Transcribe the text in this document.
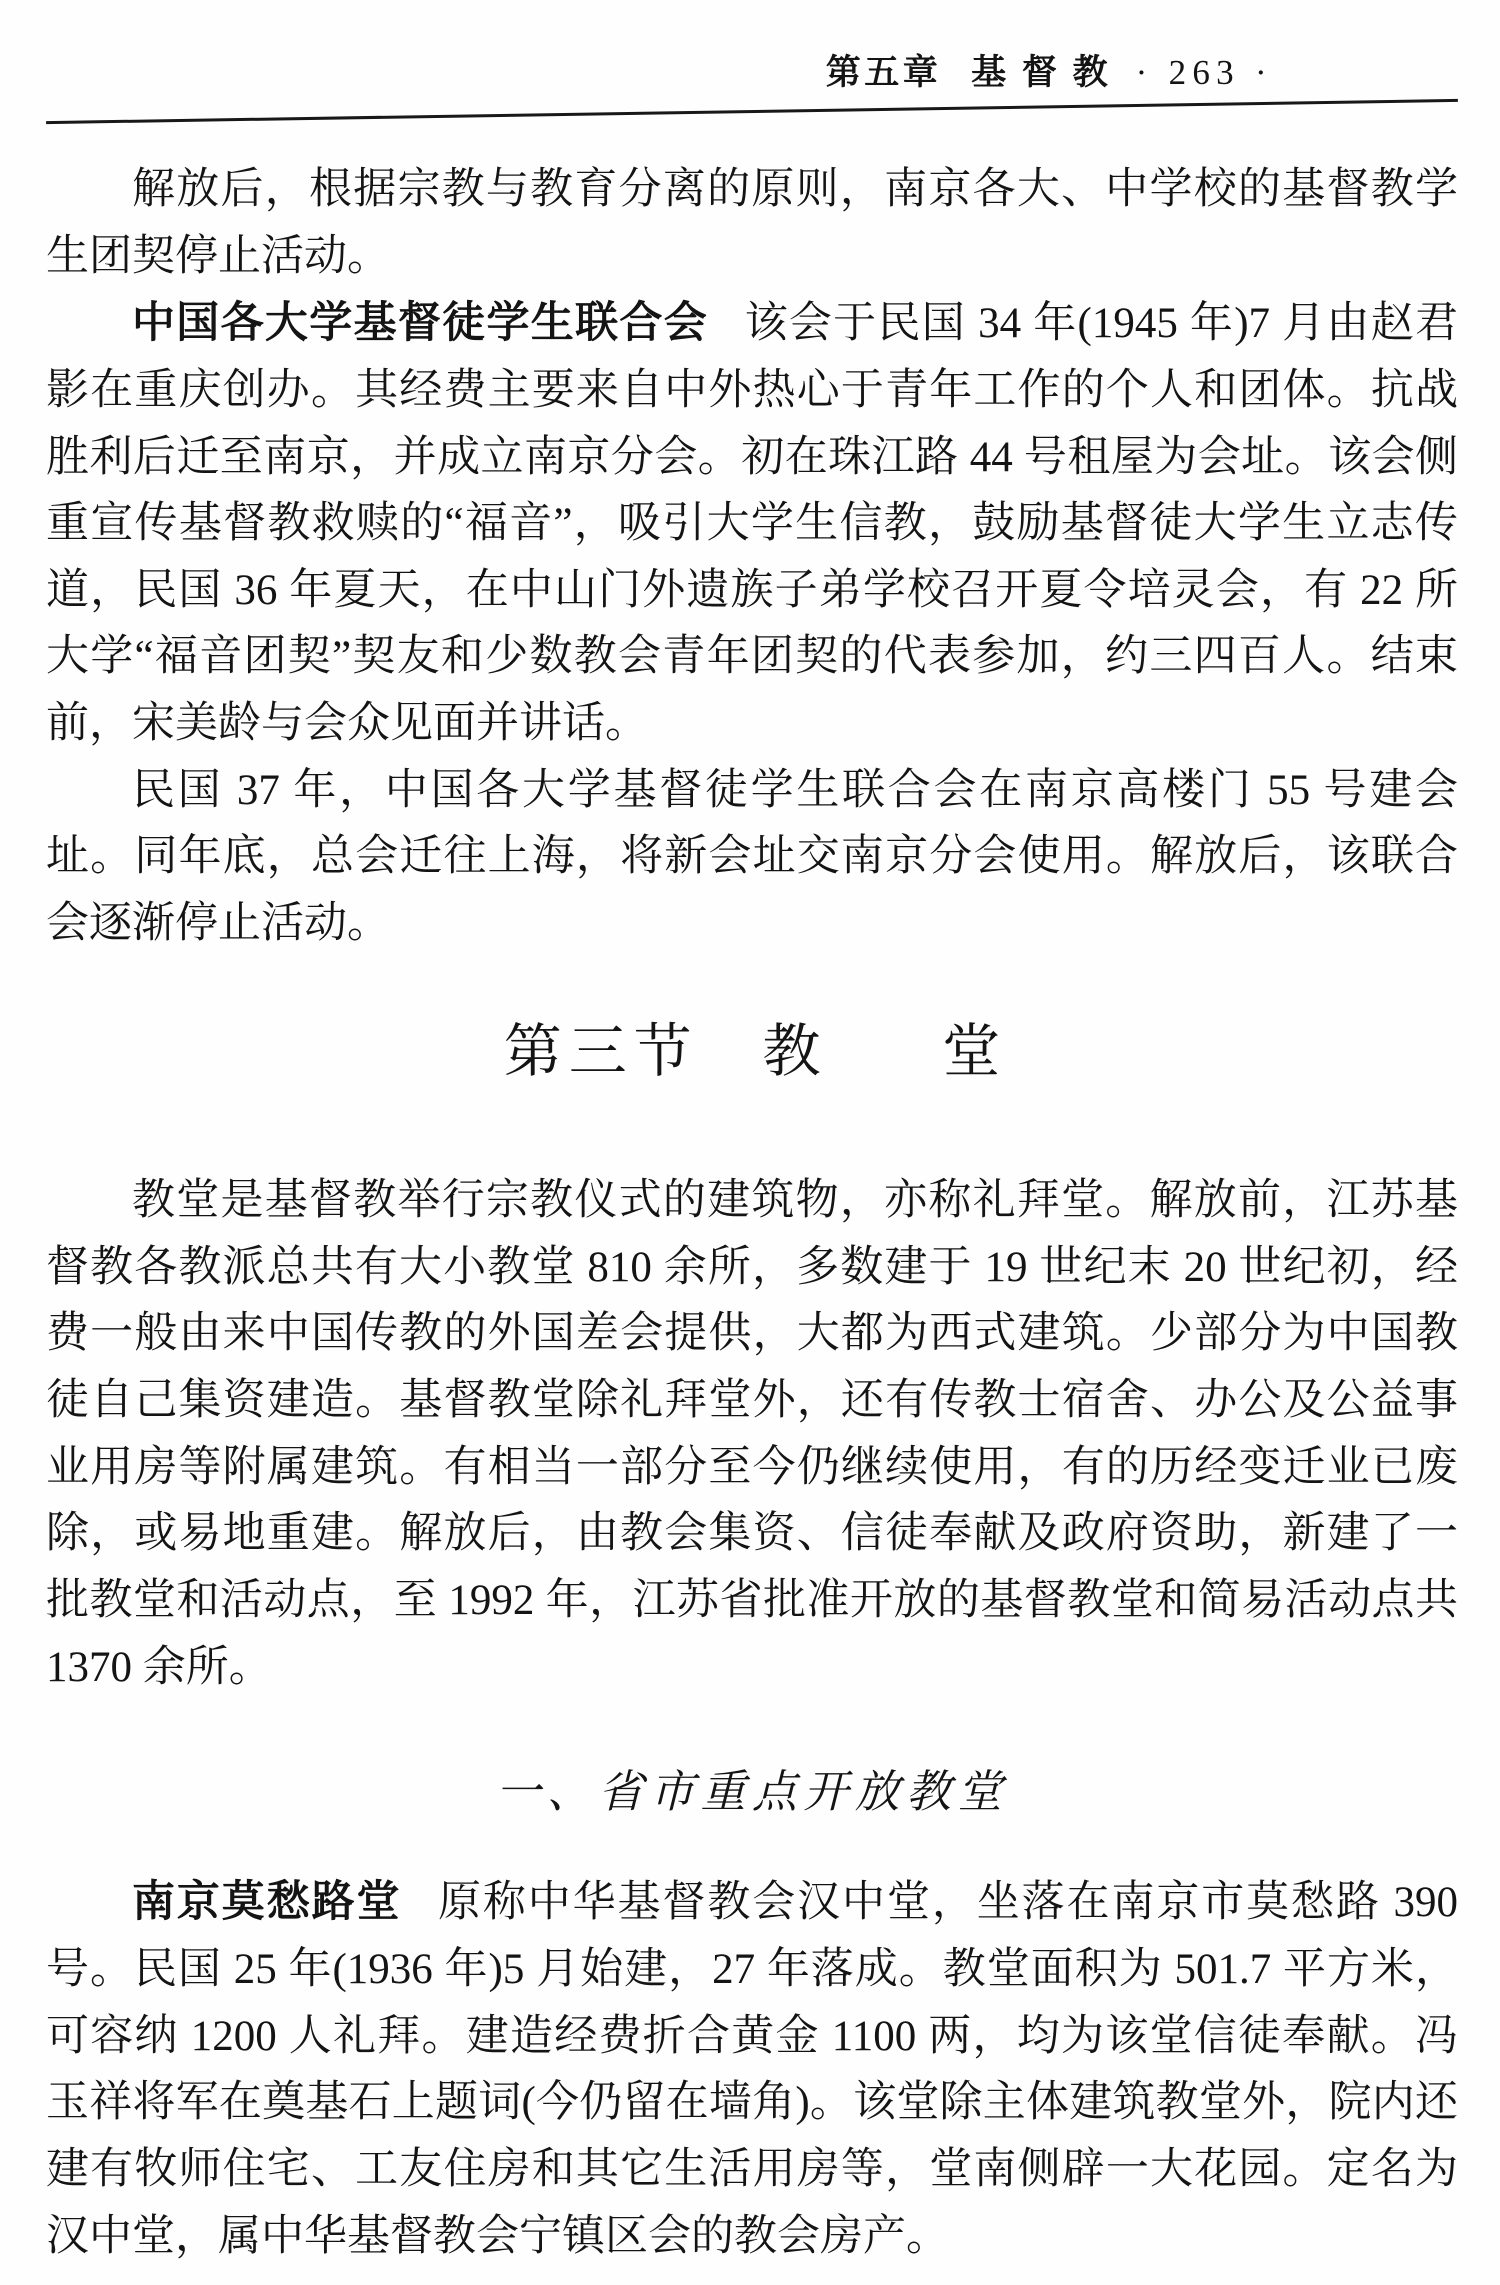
第五章 基督教 · 263 ·

解放后，根据宗教与教育分离的原则，南京各大、中学校的基督教学生团契停止活动。

中国各大学基督徒学生联合会 该会于民国 34 年(1945 年)7 月由赵君影在重庆创办。其经费主要来自中外热心于青年工作的个人和团体。抗战胜利后迁至南京，并成立南京分会。初在珠江路 44 号租屋为会址。该会侧重宣传基督教救赎的“福音”，吸引大学生信教，鼓励基督徒大学生立志传道，民国 36 年夏天，在中山门外遗族子弟学校召开夏令培灵会，有 22 所大学“福音团契”契友和少数教会青年团契的代表参加，约三四百人。结束前，宋美龄与会众见面并讲话。

民国 37 年，中国各大学基督徒学生联合会在南京高楼门 55 号建会址。同年底，总会迁往上海，将新会址交南京分会使用。解放后，该联合会逐渐停止活动。

第三节 教堂

教堂是基督教举行宗教仪式的建筑物，亦称礼拜堂。解放前，江苏基督教各教派总共有大小教堂 810 余所，多数建于 19 世纪末 20 世纪初，经费一般由来中国传教的外国差会提供，大都为西式建筑。少部分为中国教徒自己集资建造。基督教堂除礼拜堂外，还有传教士宿舍、办公及公益事业用房等附属建筑。有相当一部分至今仍继续使用，有的历经变迁业已废除，或易地重建。解放后，由教会集资、信徒奉献及政府资助，新建了一批教堂和活动点，至 1992 年，江苏省批准开放的基督教堂和简易活动点共 1370 余所。

一、省市重点开放教堂

南京莫愁路堂 原称中华基督教会汉中堂，坐落在南京市莫愁路 390 号。民国 25 年(1936 年)5 月始建，27 年落成。教堂面积为 501.7 平方米，可容纳 1200 人礼拜。建造经费折合黄金 1100 两，均为该堂信徒奉献。冯玉祥将军在奠基石上题词(今仍留在墙角)。该堂除主体建筑教堂外，院内还建有牧师住宅、工友住房和其它生活用房等，堂南侧辟一大花园。定名为汉中堂，属中华基督教会宁镇区会的教会房产。
